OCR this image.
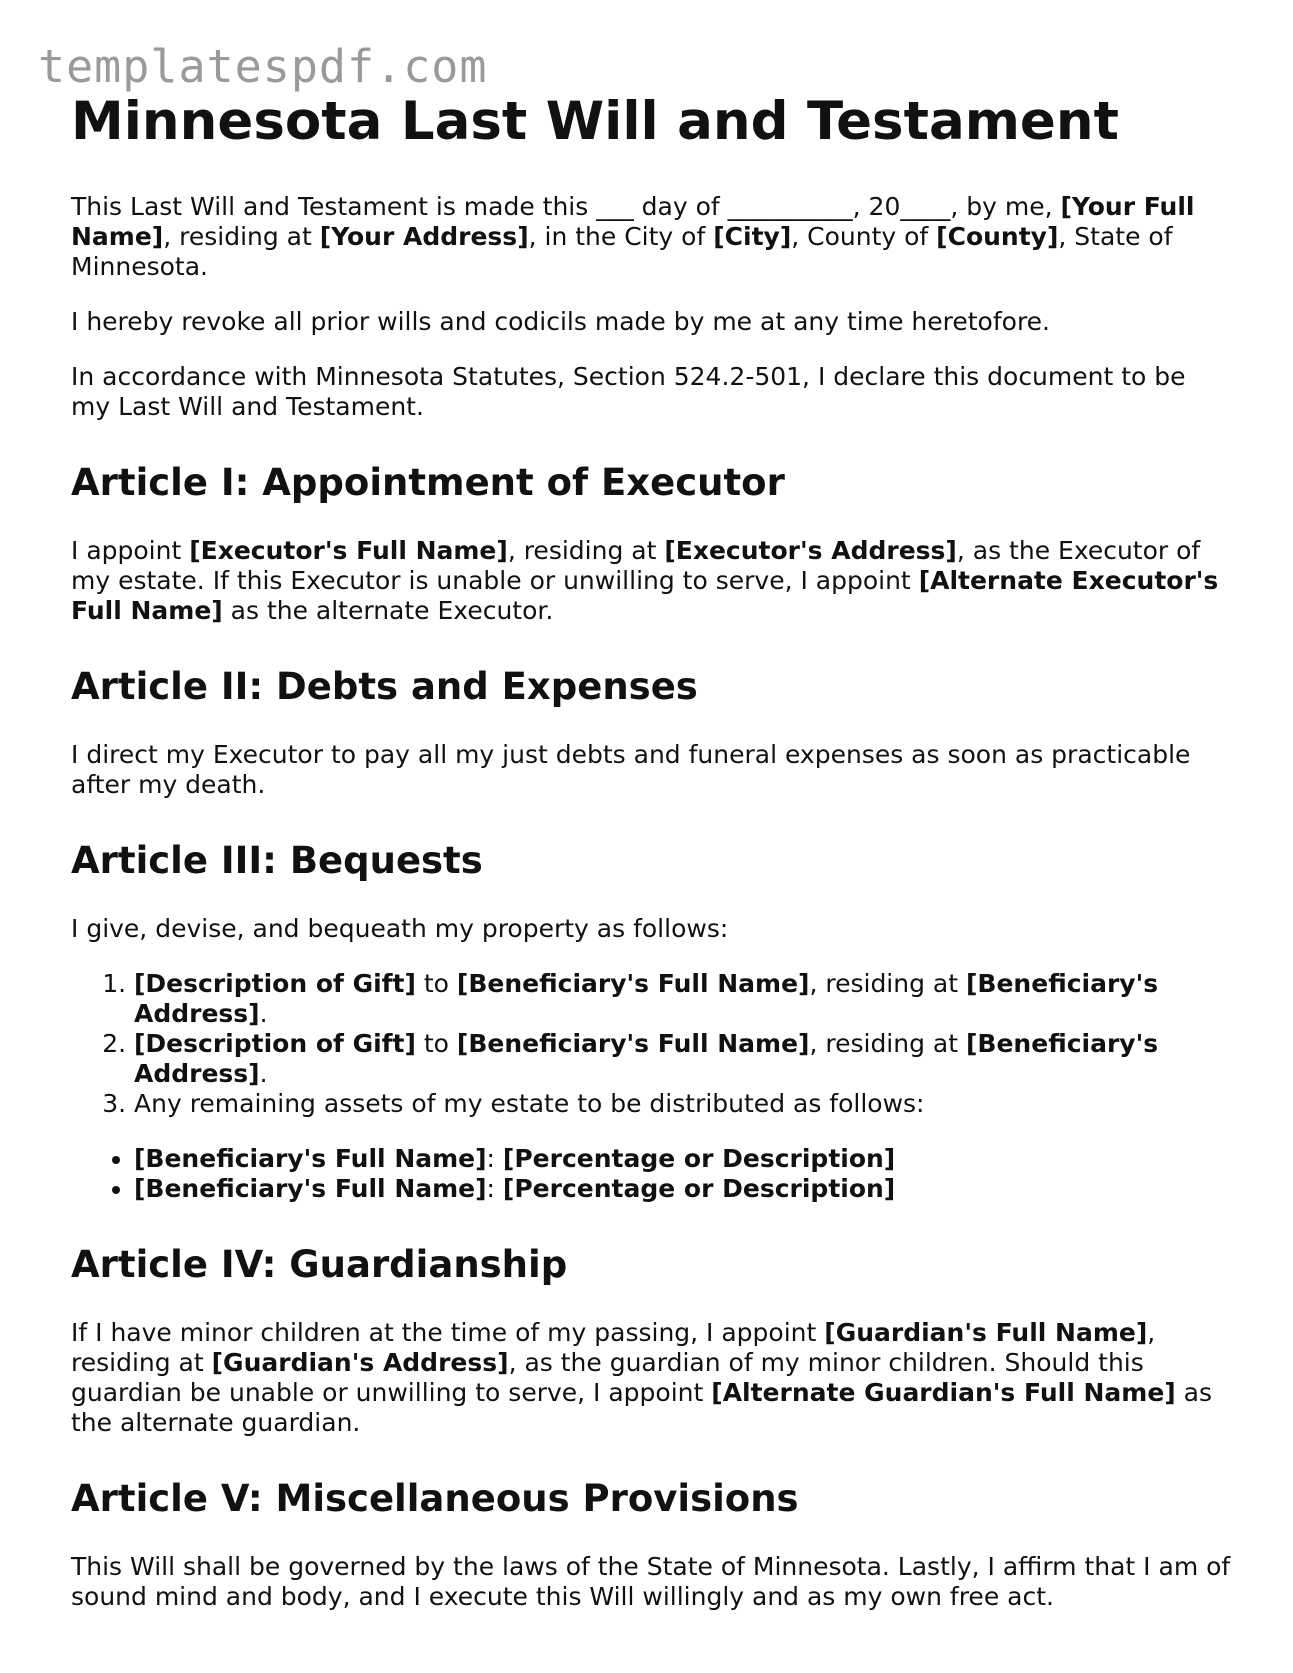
templatespdf.com
Minnesota Last Will and Testament

This Last Will and Testament is made this ___ day of __________, 20____, by me, [Your Full Name], residing at [Your Address], in the City of [City], County of [County], State of Minnesota.

I hereby revoke all prior wills and codicils made by me at any time heretofore.

In accordance with Minnesota Statutes, Section 524.2-501, I declare this document to be my Last Will and Testament.

Article I: Appointment of Executor

I appoint [Executor's Full Name], residing at [Executor's Address], as the Executor of my estate. If this Executor is unable or unwilling to serve, I appoint [Alternate Executor's Full Name] as the alternate Executor.

Article II: Debts and Expenses

I direct my Executor to pay all my just debts and funeral expenses as soon as practicable after my death.

Article III: Bequests

I give, devise, and bequeath my property as follows:

1. [Description of Gift] to [Beneficiary's Full Name], residing at [Beneficiary's Address].
2. [Description of Gift] to [Beneficiary's Full Name], residing at [Beneficiary's Address].
3. Any remaining assets of my estate to be distributed as follows:
• [Beneficiary's Full Name]: [Percentage or Description]
• [Beneficiary's Full Name]: [Percentage or Description]
Article IV: Guardianship

If I have minor children at the time of my passing, I appoint [Guardian's Full Name], residing at [Guardian's Address], as the guardian of my minor children. Should this guardian be unable or unwilling to serve, I appoint [Alternate Guardian's Full Name] as the alternate guardian.

Article V: Miscellaneous Provisions

This Will shall be governed by the laws of the State of Minnesota. Lastly, I affirm that I am of sound mind and body, and I execute this Will willingly and as my own free act.
